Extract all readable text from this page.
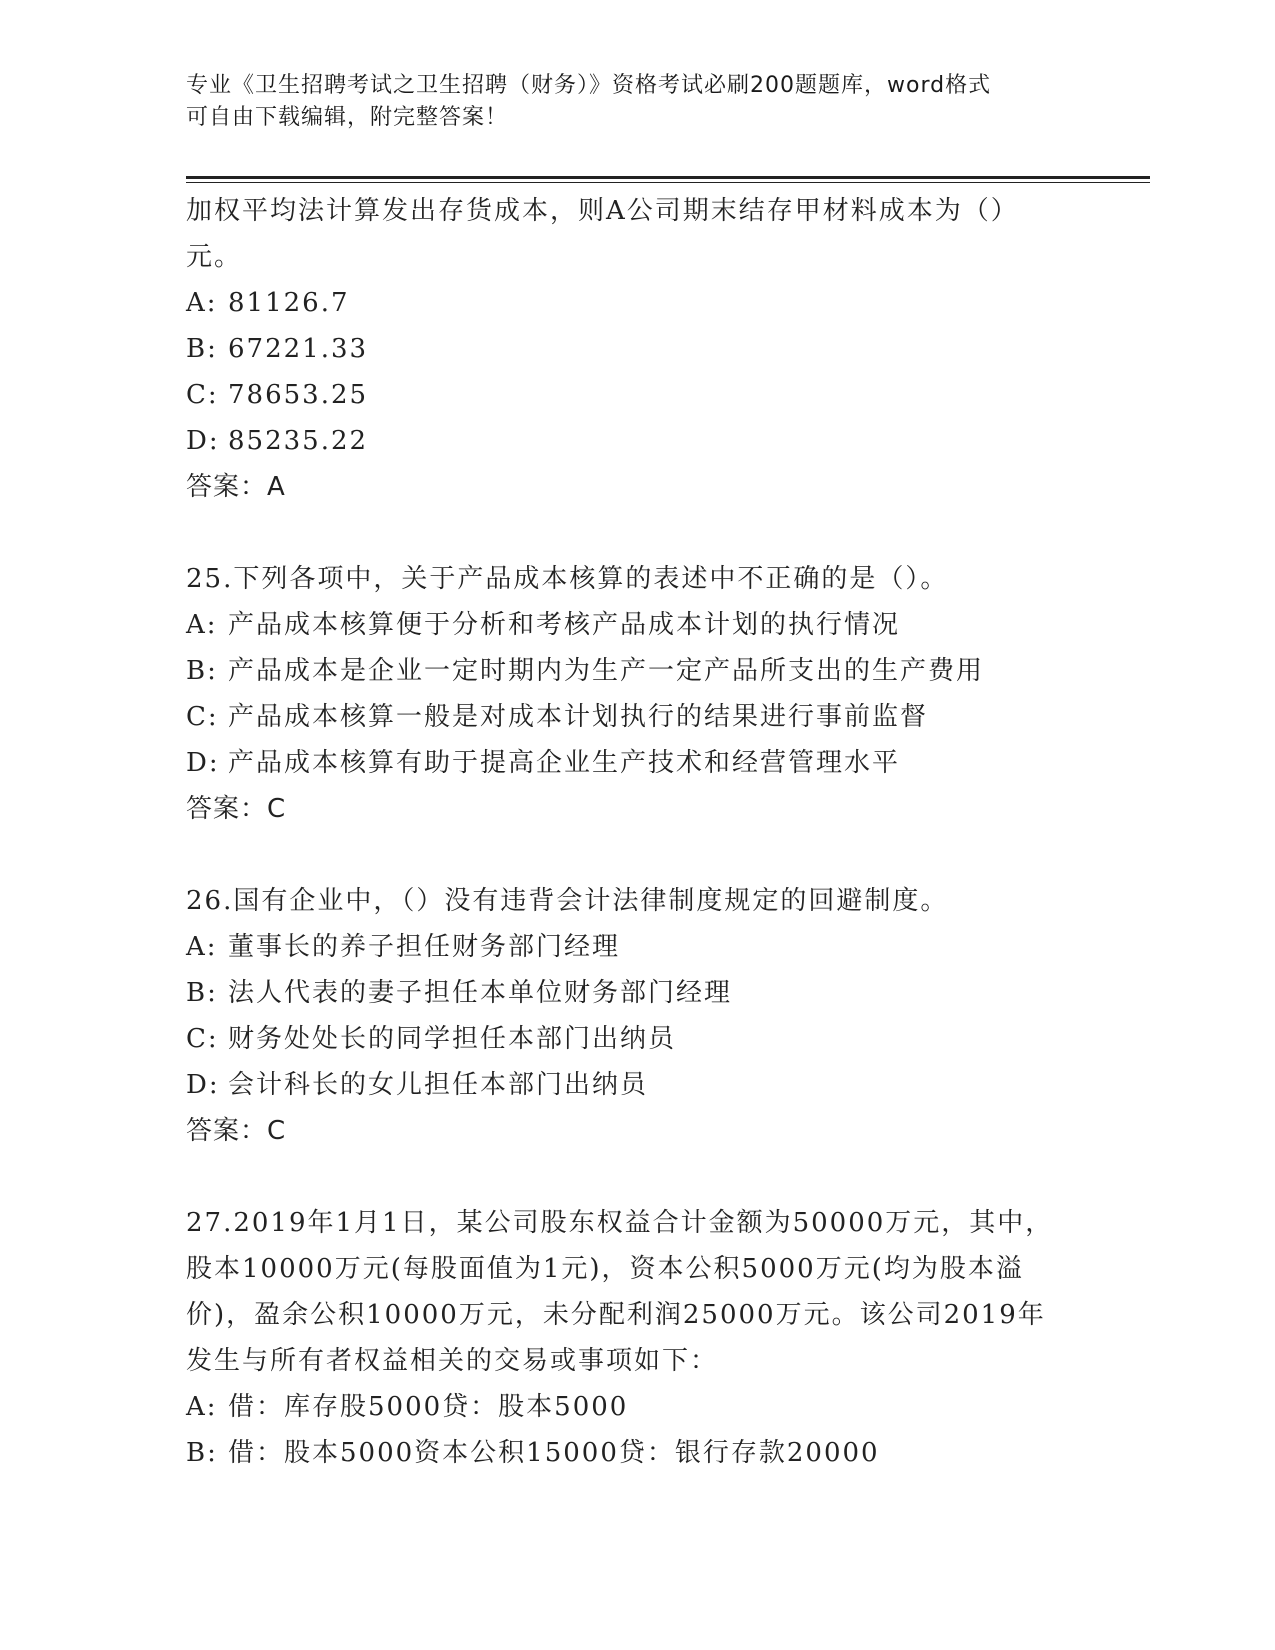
专业《卫生招聘考试之卫生招聘（财务）》资格考试必刷200题题库，word格式
可自由下载编辑，附完整答案！
加权平均法计算发出存货成本，则A公司期末结存甲材料成本为（）
元。
A: 81126.7
B: 67221.33
C: 78653.25
D: 85235.22
答案：A
25.下列各项中，关于产品成本核算的表述中不正确的是（）。
A: 产品成本核算便于分析和考核产品成本计划的执行情况
B: 产品成本是企业一定时期内为生产一定产品所支出的生产费用
C: 产品成本核算一般是对成本计划执行的结果进行事前监督
D: 产品成本核算有助于提高企业生产技术和经营管理水平
答案：C
26.国有企业中，（）没有违背会计法律制度规定的回避制度。
A: 董事长的养子担任财务部门经理
B: 法人代表的妻子担任本单位财务部门经理
C: 财务处处长的同学担任本部门出纳员
D: 会计科长的女儿担任本部门出纳员
答案：C
27.2019年1月1日，某公司股东权益合计金额为50000万元，其中，
股本10000万元(每股面值为1元)，资本公积5000万元(均为股本溢
价)，盈余公积10000万元，未分配利润25000万元。该公司2019年
发生与所有者权益相关的交易或事项如下：
A: 借：库存股5000贷：股本5000
B: 借：股本5000资本公积15000贷：银行存款20000
